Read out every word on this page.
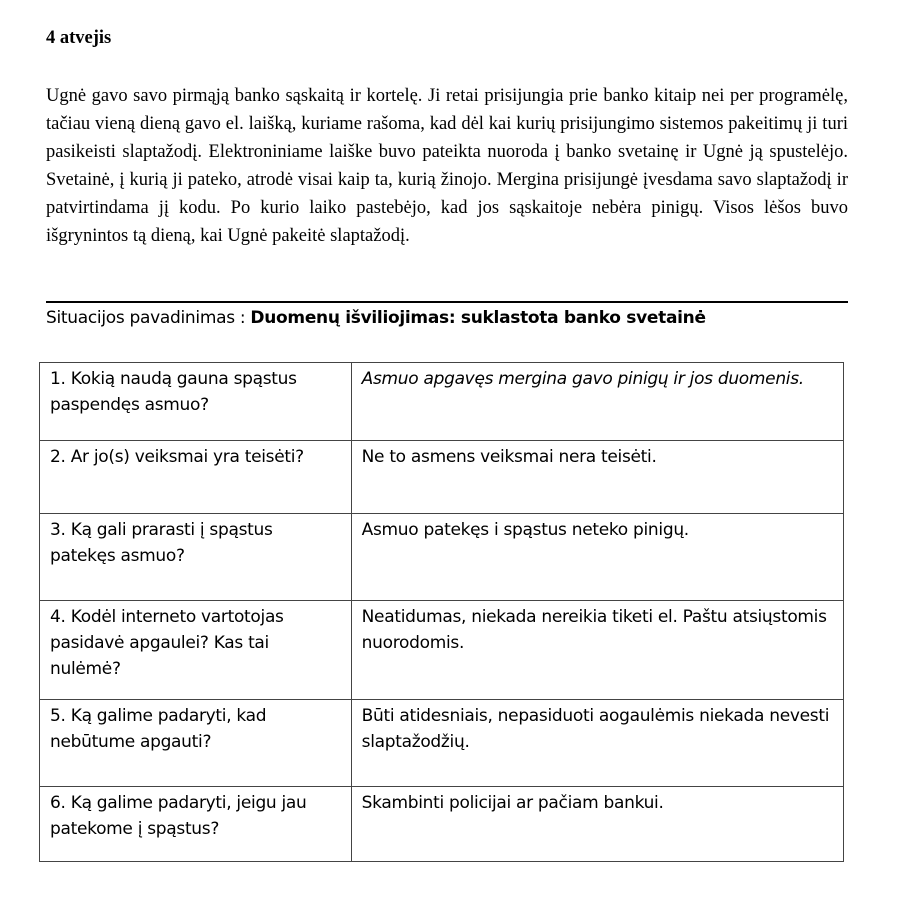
4 atvejis
Ugnė gavo savo pirmąją banko sąskaitą ir kortelę. Ji retai prisijungia prie banko kitaip nei per programėlę, tačiau vieną dieną gavo el. laišką, kuriame rašoma, kad dėl kai kurių prisijungimo sistemos pakeitimų ji turi pasikeisti slaptažodį. Elektroniniame laiške buvo pateikta nuoroda į banko svetainę ir Ugnė ją spustelėjo. Svetainė, į kurią ji pateko, atrodė visai kaip ta, kurią žinojo. Mergina prisijungė įvesdama savo slaptažodį ir patvirtindama jį kodu. Po kurio laiko pastebėjo, kad jos sąskaitoje nebėra pinigų. Visos lėšos buvo išgrynintos tą dieną, kai Ugnė pakeitė slaptažodį.
Situacijos pavadinimas : Duomenų išviliojimas: suklastota banko svetainė
1. Kokią naudą gauna spąstus paspendęs asmuo?	Asmuo apgavęs mergina gavo pinigų ir jos duomenis.
2. Ar jo(s) veiksmai yra teisėti?	Ne to asmens veiksmai nera teisėti.
3. Ką gali prarasti į spąstus patekęs asmuo?	Asmuo patekęs i spąstus neteko pinigų.
4. Kodėl interneto vartotojas pasidavė apgaulei? Kas tai nulėmė?	Neatidumas, niekada nereikia tiketi el. Paštu atsiųstomis nuorodomis.
5. Ką galime padaryti, kad nebūtume apgauti?	Būti atidesniais, nepasiduoti aogaulėmis niekada nevesti slaptažodžių.
6. Ką galime padaryti, jeigu jau patekome į spąstus?	Skambinti policijai ar pačiam bankui.
